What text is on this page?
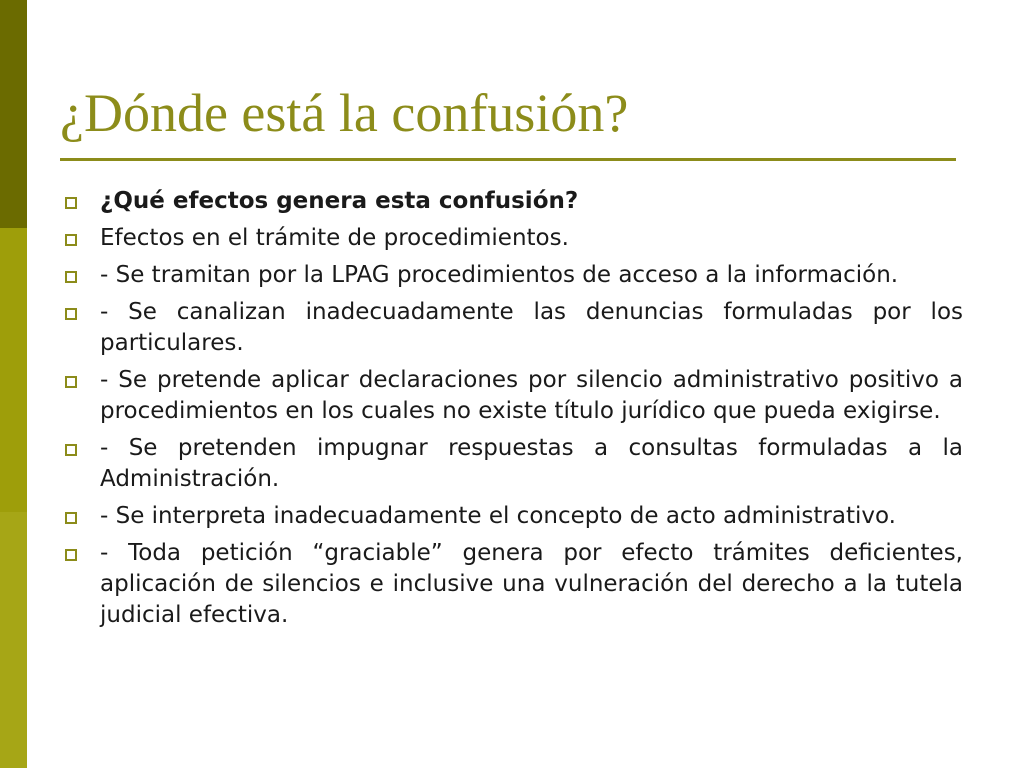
¿Dónde está la confusión?
¿Qué efectos genera esta confusión?
Efectos en el trámite de procedimientos.
- Se tramitan por la LPAG procedimientos de acceso a la información.
- Se canalizan inadecuadamente las denuncias formuladas por los particulares.
- Se pretende aplicar declaraciones por silencio administrativo positivo a procedimientos en los cuales no existe título jurídico que pueda exigirse.
- Se pretenden impugnar respuestas a consultas formuladas a la Administración.
- Se interpreta inadecuadamente el concepto de acto administrativo.
- Toda petición “graciable” genera por efecto trámites deficientes, aplicación de silencios e inclusive una vulneración del derecho a la tutela judicial efectiva.
